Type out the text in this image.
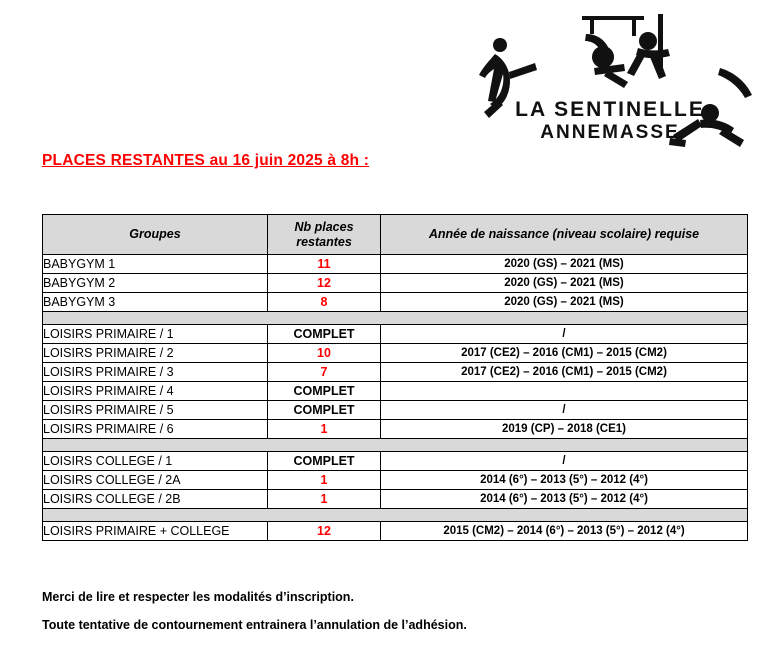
LA SENTINELLE
ANNEMASSE
PLACES RESTANTES au 16 juin 2025 à 8h :
Groupes	Nb places restantes	Année de naissance (niveau scolaire) requise
BABYGYM 1	11	2020 (GS) – 2021 (MS)
BABYGYM 2	12	2020 (GS) – 2021 (MS)
BABYGYM 3	8	2020 (GS) – 2021 (MS)

LOISIRS PRIMAIRE / 1	COMPLET	/
LOISIRS PRIMAIRE / 2	10	2017 (CE2) – 2016 (CM1) – 2015 (CM2)
LOISIRS PRIMAIRE / 3	7	2017 (CE2) – 2016 (CM1) – 2015 (CM2)
LOISIRS PRIMAIRE / 4	COMPLET	
LOISIRS PRIMAIRE / 5	COMPLET	/
LOISIRS PRIMAIRE / 6	1	2019 (CP) – 2018 (CE1)

LOISIRS COLLEGE / 1	COMPLET	/
LOISIRS COLLEGE / 2A	1	2014 (6°) – 2013 (5°) – 2012 (4°)
LOISIRS COLLEGE / 2B	1	2014 (6°) – 2013 (5°) – 2012 (4°)

LOISIRS PRIMAIRE + COLLEGE	12	2015 (CM2) – 2014 (6°) – 2013 (5°) – 2012 (4°)

Merci de lire et respecter les modalités d’inscription.

Toute tentative de contournement entrainera l’annulation de l’adhésion.
